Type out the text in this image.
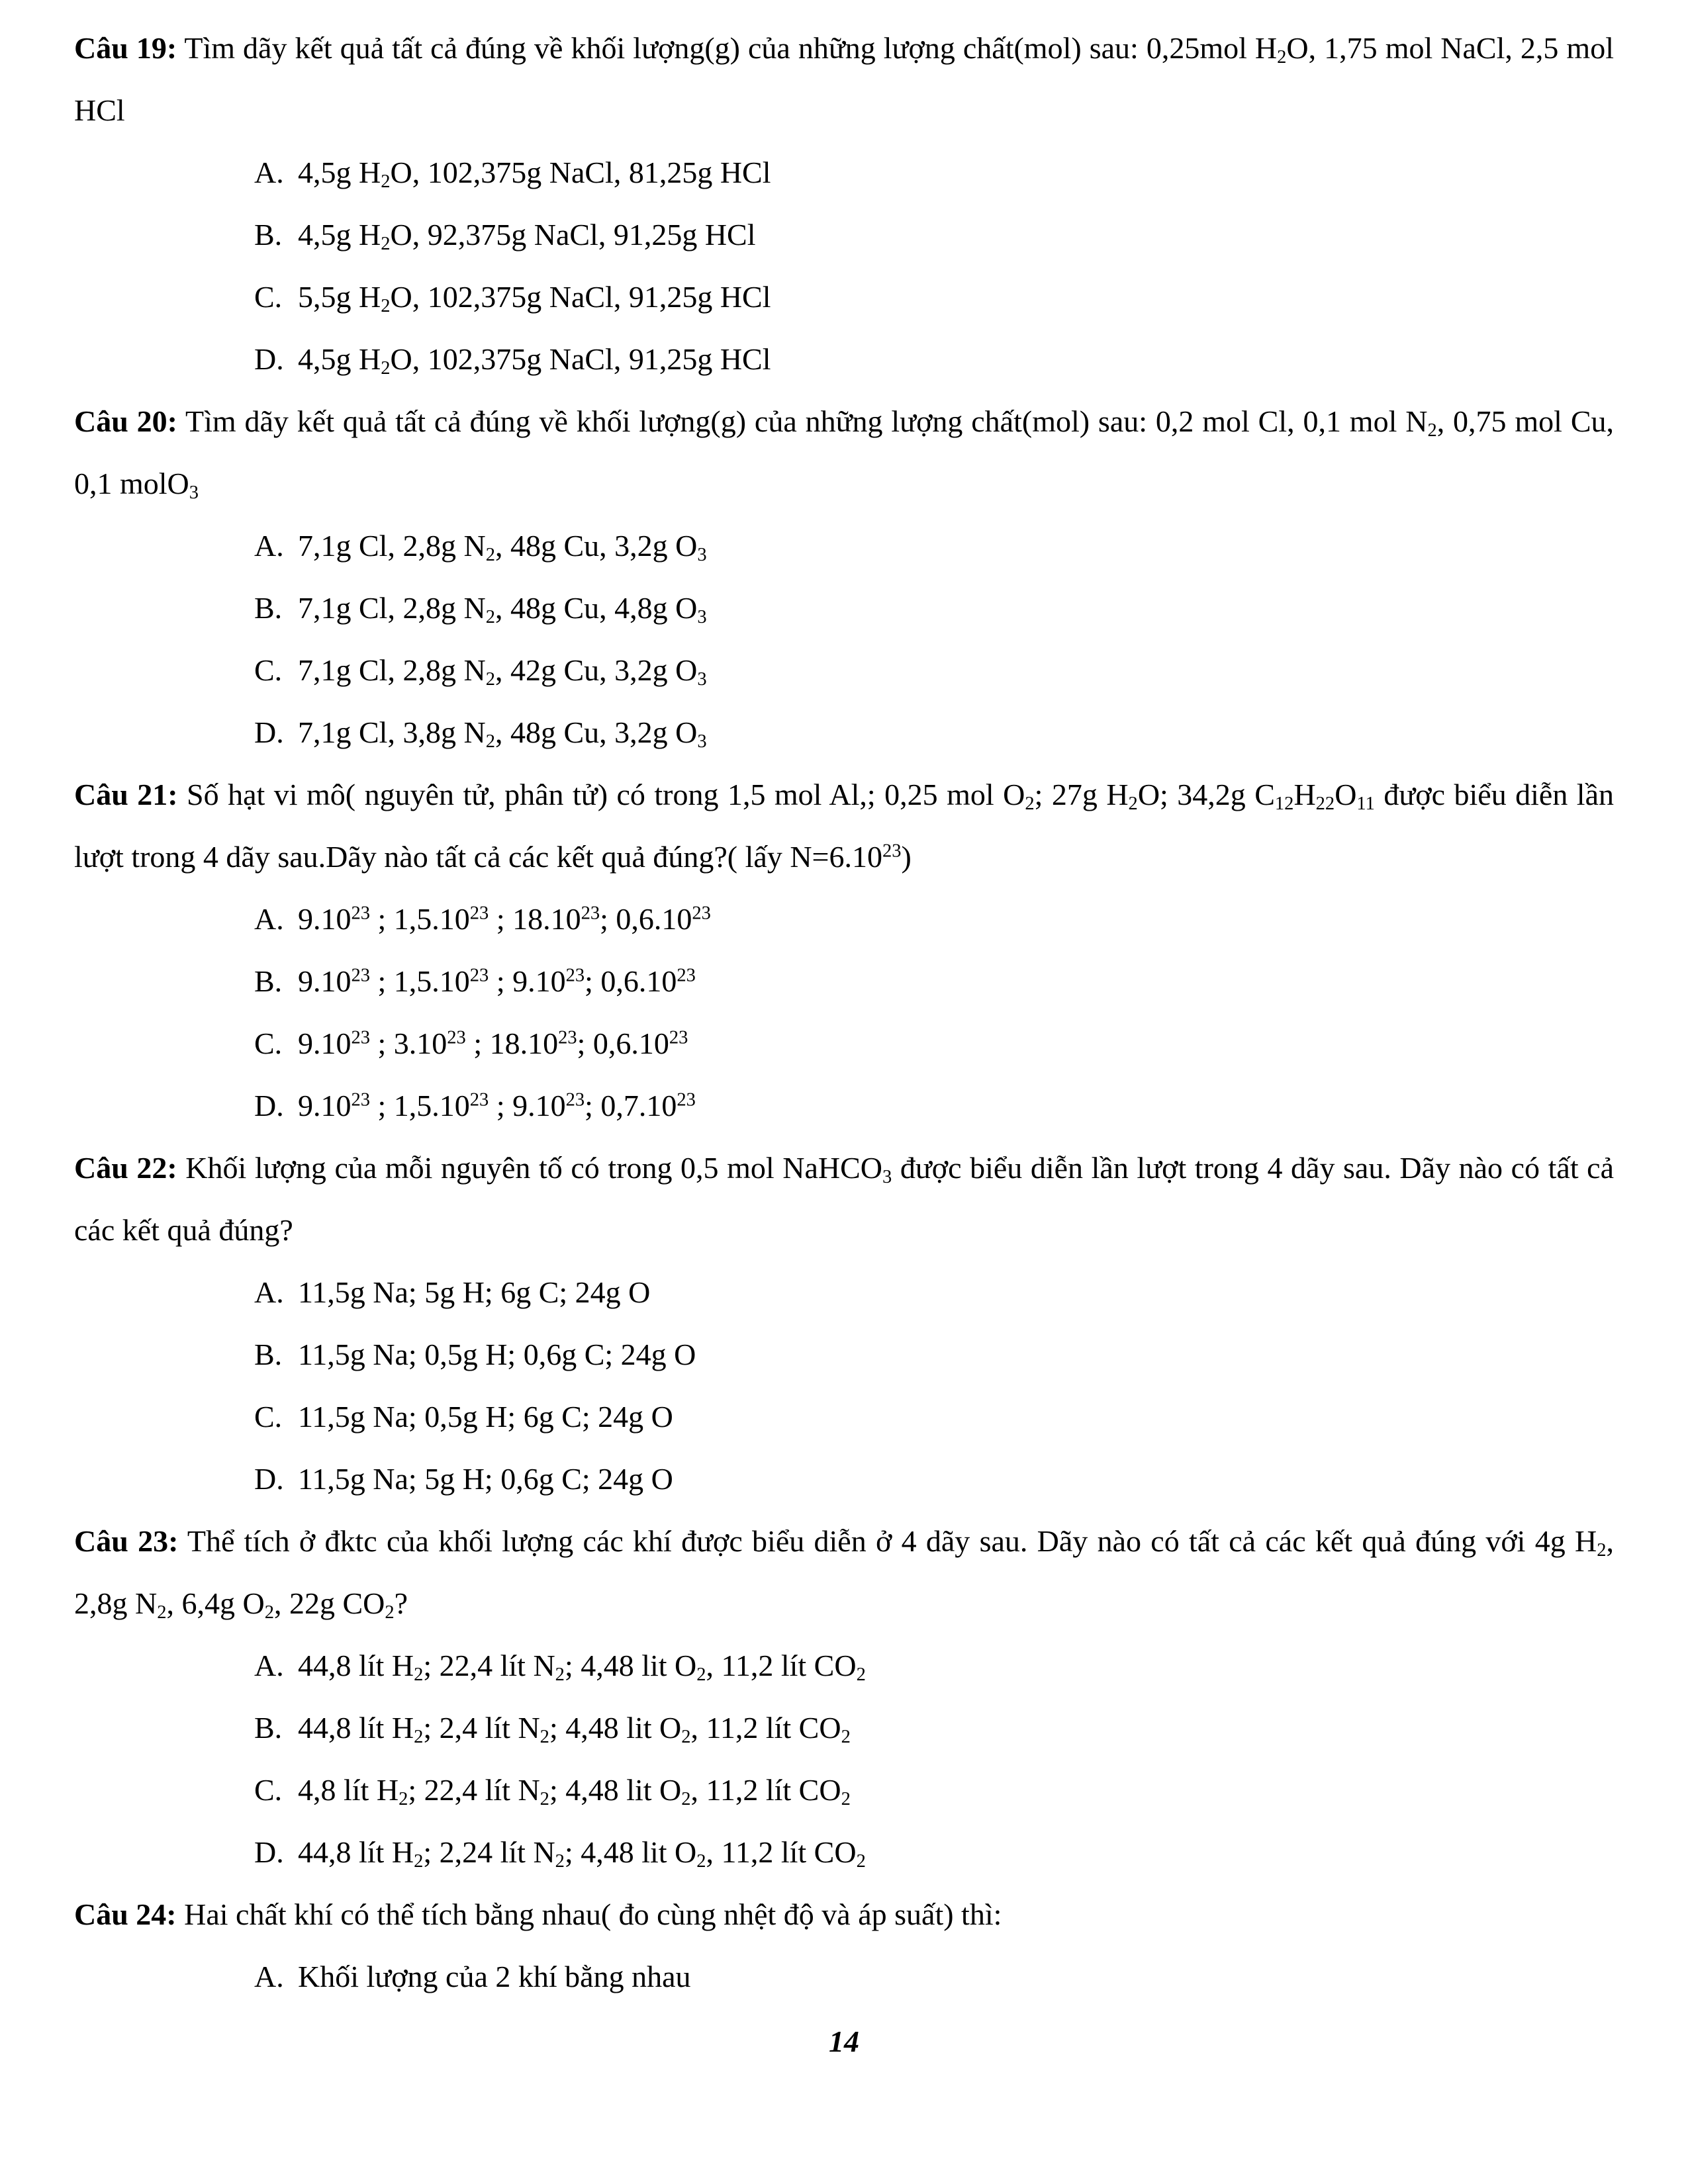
Câu 19: Tìm dãy kết quả tất cả đúng về khối lượng(g) của những lượng chất(mol) sau: 0,25mol $H_2O$, 1,75 mol NaCl, 2,5 mol HCl

A. 4,5g $H_2O$, 102,375g NaCl, 81,25g HCl
B. 4,5g $H_2O$, 92,375g NaCl, 91,25g HCl
C. 5,5g $H_2O$, 102,375g NaCl, 91,25g HCl
D. 4,5g $H_2O$, 102,375g NaCl, 91,25g HCl

Câu 20: Tìm dãy kết quả tất cả đúng về khối lượng(g) của những lượng chất(mol) sau: 0,2 mol Cl, 0,1 mol $N_2$, 0,75 mol Cu, 0,1 molO$_3$

A. 7,1g Cl, 2,8g $N_2$, 48g Cu, 3,2g $O_3$
B. 7,1g Cl, 2,8g $N_2$, 48g Cu, 4,8g $O_3$
C. 7,1g Cl, 2,8g $N_2$, 42g Cu, 3,2g $O_3$
D. 7,1g Cl, 3,8g $N_2$, 48g Cu, 3,2g $O_3$

Câu 21: Số hạt vi mô( nguyên tử, phân tử) có trong 1,5 mol Al,; 0,25 mol $O_2$; 27g $H_2O$; 34,2g $C_{12}H_{22}O_{11}$ được biểu diễn lần lượt trong 4 dãy sau.Dãy nào tất cả các kết quả đúng?( lấy $N=6.10^{23}$)

A. 9.10$^{23}$ ; 1,5.10$^{23}$ ; 18.10$^{23}$; 0,6.10$^{23}$
B. 9.10$^{23}$ ; 1,5.10$^{23}$ ; 9.10$^{23}$; 0,6.10$^{23}$
C. 9.10$^{23}$ ; 3.10$^{23}$ ; 18.10$^{23}$; 0,6.10$^{23}$
D. 9.10$^{23}$ ; 1,5.10$^{23}$ ; 9.10$^{23}$; 0,7.10$^{23}$

Câu 22: Khối lượng của mỗi nguyên tố có trong 0,5 mol NaHCO$_3$ được biểu diễn lần lượt trong 4 dãy sau. Dãy nào có tất cả các kết quả đúng?

A. 11,5g Na; 5g H; 6g C; 24g O
B. 11,5g Na; 0,5g H; 0,6g C; 24g O
C. 11,5g Na; 0,5g H; 6g C; 24g O
D. 11,5g Na; 5g H; 0,6g C; 24g O

Câu 23: Thể tích ở đktc của khối lượng các khí được biểu diễn ở 4 dãy sau. Dãy nào có tất cả các kết quả đúng với 4g $H_2$, 2,8g $N_2$, 6,4g $O_2$, 22g $CO_2$?

A. 44,8 lít $H_2$; 22,4 lít $N_2$; 4,48 lit $O_2$, 11,2 lít $CO_2$
B. 44,8 lít $H_2$; 2,4 lít $N_2$; 4,48 lit $O_2$, 11,2 lít $CO_2$
C. 4,8 lít $H_2$; 22,4 lít $N_2$; 4,48 lit $O_2$, 11,2 lít $CO_2$
D. 44,8 lít $H_2$; 2,24 lít $N_2$; 4,48 lit $O_2$, 11,2 lít $CO_2$

Câu 24: Hai chất khí có thể tích bằng nhau( đo cùng nhệt độ và áp suất) thì:

A. Khối lượng của 2 khí bằng nhau
14
